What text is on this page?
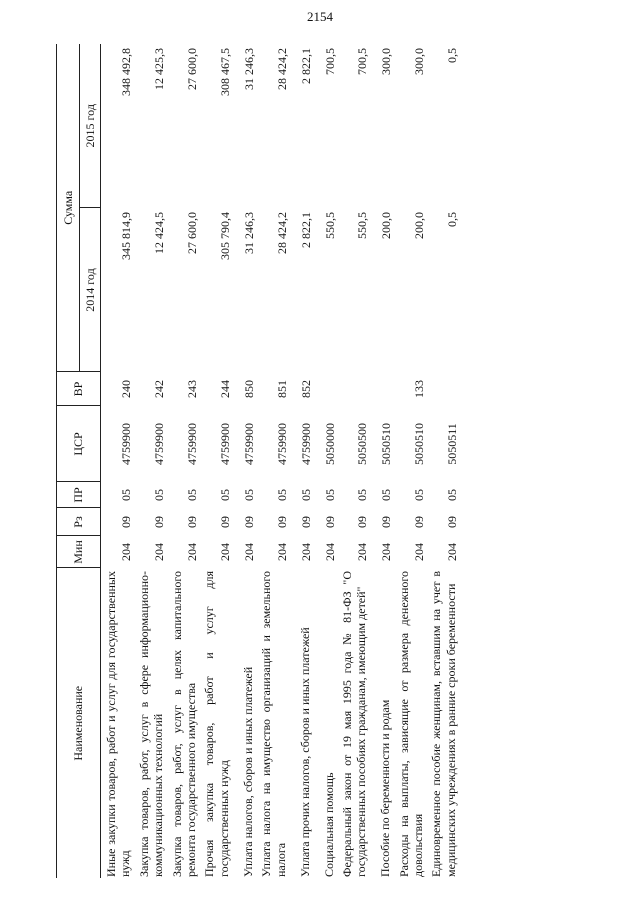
2154
Наименование	Мин	Рз	ПР	ЦСР	ВР	Сумма	
						2014 год	2015 год
Иные закупки товаров, работ и услуг для государственных нужд	204	09	05	4759900	240	345 814,9	348 492,8
Закупка товаров, работ, услуг в сфере информационно-коммуникационных технологий	204	09	05	4759900	242	12 424,5	12 425,3
Закупка товаров, работ, услуг в целях капитального ремонта государственного имущества	204	09	05	4759900	243	27 600,0	27 600,0
Прочая закупка товаров, работ и услуг для государственных нужд	204	09	05	4759900	244	305 790,4	308 467,5
Уплата налогов, сборов и иных платежей	204	09	05	4759900	850	31 246,3	31 246,3
Уплата налога на имущество организаций и земельного налога	204	09	05	4759900	851	28 424,2	28 424,2
Уплата прочих налогов, сборов и иных платежей	204	09	05	4759900	852	2 822,1	2 822,1
Социальная помощь	204	09	05	5050000		550,5	700,5
Федеральный закон от 19 мая 1995 года № 81-ФЗ "О государственных пособиях гражданам, имеющим детей"	204	09	05	5050500		550,5	700,5
Пособие по беременности и родам	204	09	05	5050510		200,0	300,0
Расходы на выплаты, зависящие от размера денежного довольствия	204	09	05	5050510	133	200,0	300,0
Единовременное пособие женщинам, вставшим на учет в медицинских учреждениях в ранние сроки беременности	204	09	05	5050511		0,5	0,5
